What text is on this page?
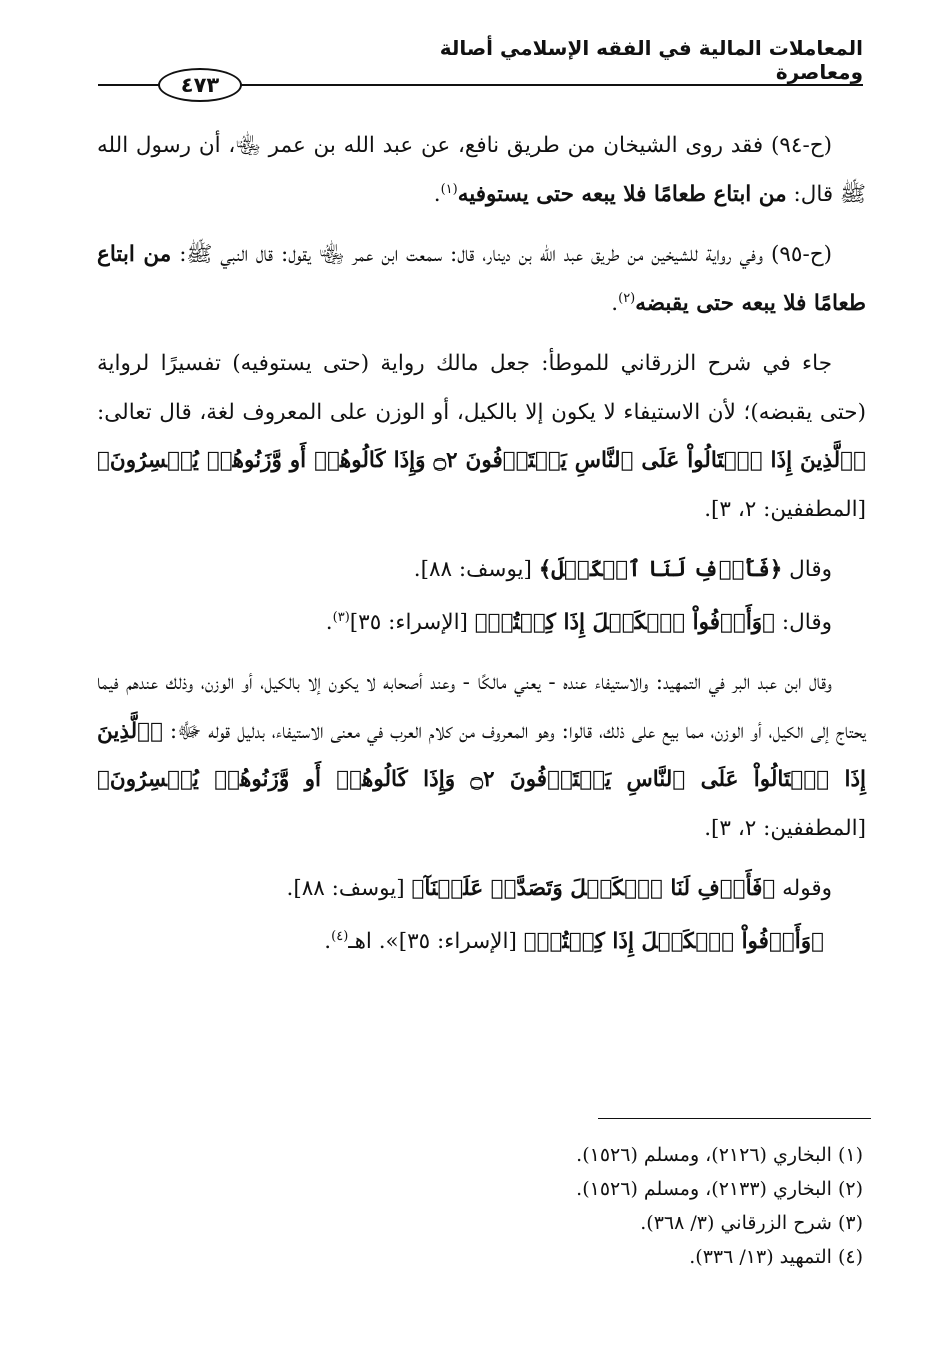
المعاملات المالية في الفقه الإسلامي أصالة ومعاصرة
٤٧٣

(ح-٩٤) فقد روى الشيخان من طريق نافع، عن عبد الله بن عمر ﵄، أن رسول الله ﷺ قال: من ابتاع طعامًا فلا يبعه حتى يستوفيه$^{(١)}$.

(ح-٩٥) وفي رواية للشيخين من طريق عبد الله بن دينار، قال: سمعت ابن عمر ﵄ يقول: قال النبي ﷺ: من ابتاع طعامًا فلا يبعه حتى يقبضه$^{(٢)}$.

جاء في شرح الزرقاني للموطأ: جعل مالك رواية (حتى يستوفيه) تفسيرًا لرواية (حتى يقبضه)؛ لأن الاستيفاء لا يكون إلا بالكيل، أو الوزن على المعروف لغة، قال تعالى: ﴿ٱلَّذِينَ إِذَا ٱكۡتَالُواْ عَلَى ٱلنَّاسِ يَسۡتَوۡفُونَ ۝٢ وَإِذَا كَالُوهُمۡ أَو وَّزَنُوهُمۡ يُخۡسِرُونَ﴾ [المطففين: ٢، ٣].

وقال ﴿فَأَوۡفِ لَنَا ٱلۡكَيۡلَ﴾ [يوسف: ٨٨].

وقال: ﴿وَأَوۡفُواْ ٱلۡكَيۡلَ إِذَا كِلۡتُمۡ﴾ [الإسراء: ٣٥]$^{(٣)}$.

وقال ابن عبد البر في التمهيد: والاستيفاء عنده - يعني مالكًا - وعند أصحابه لا يكون إلا بالكيل، أو الوزن، وذلك عندهم فيما يحتاج إلى الكيل، أو الوزن، مما بيع على ذلك، قالوا: وهو المعروف من كلام العرب في معنى الاستيفاء، بدليل قوله ﷻ: ﴿ٱلَّذِينَ إِذَا ٱكۡتَالُواْ عَلَى ٱلنَّاسِ يَسۡتَوۡفُونَ ۝٢ وَإِذَا كَالُوهُمۡ أَو وَّزَنُوهُمۡ يُخۡسِرُونَ﴾ [المطففين: ٢، ٣].

وقوله ﴿فَأَوۡفِ لَنَا ٱلۡكَيۡلَ وَتَصَدَّقۡ عَلَيۡنَآ﴾ [يوسف: ٨٨].

﴿وَأَوۡفُواْ ٱلۡكَيۡلَ إِذَا كِلۡتُمۡ﴾ [الإسراء: ٣٥]». اهـ$^{(٤)}$.

(١) البخاري (٢١٢٦)، ومسلم (١٥٢٦).

(٢) البخاري (٢١٣٣)، ومسلم (١٥٢٦).

(٣) شرح الزرقاني (٣/ ٣٦٨).

(٤) التمهيد (١٣/ ٣٣٦).
